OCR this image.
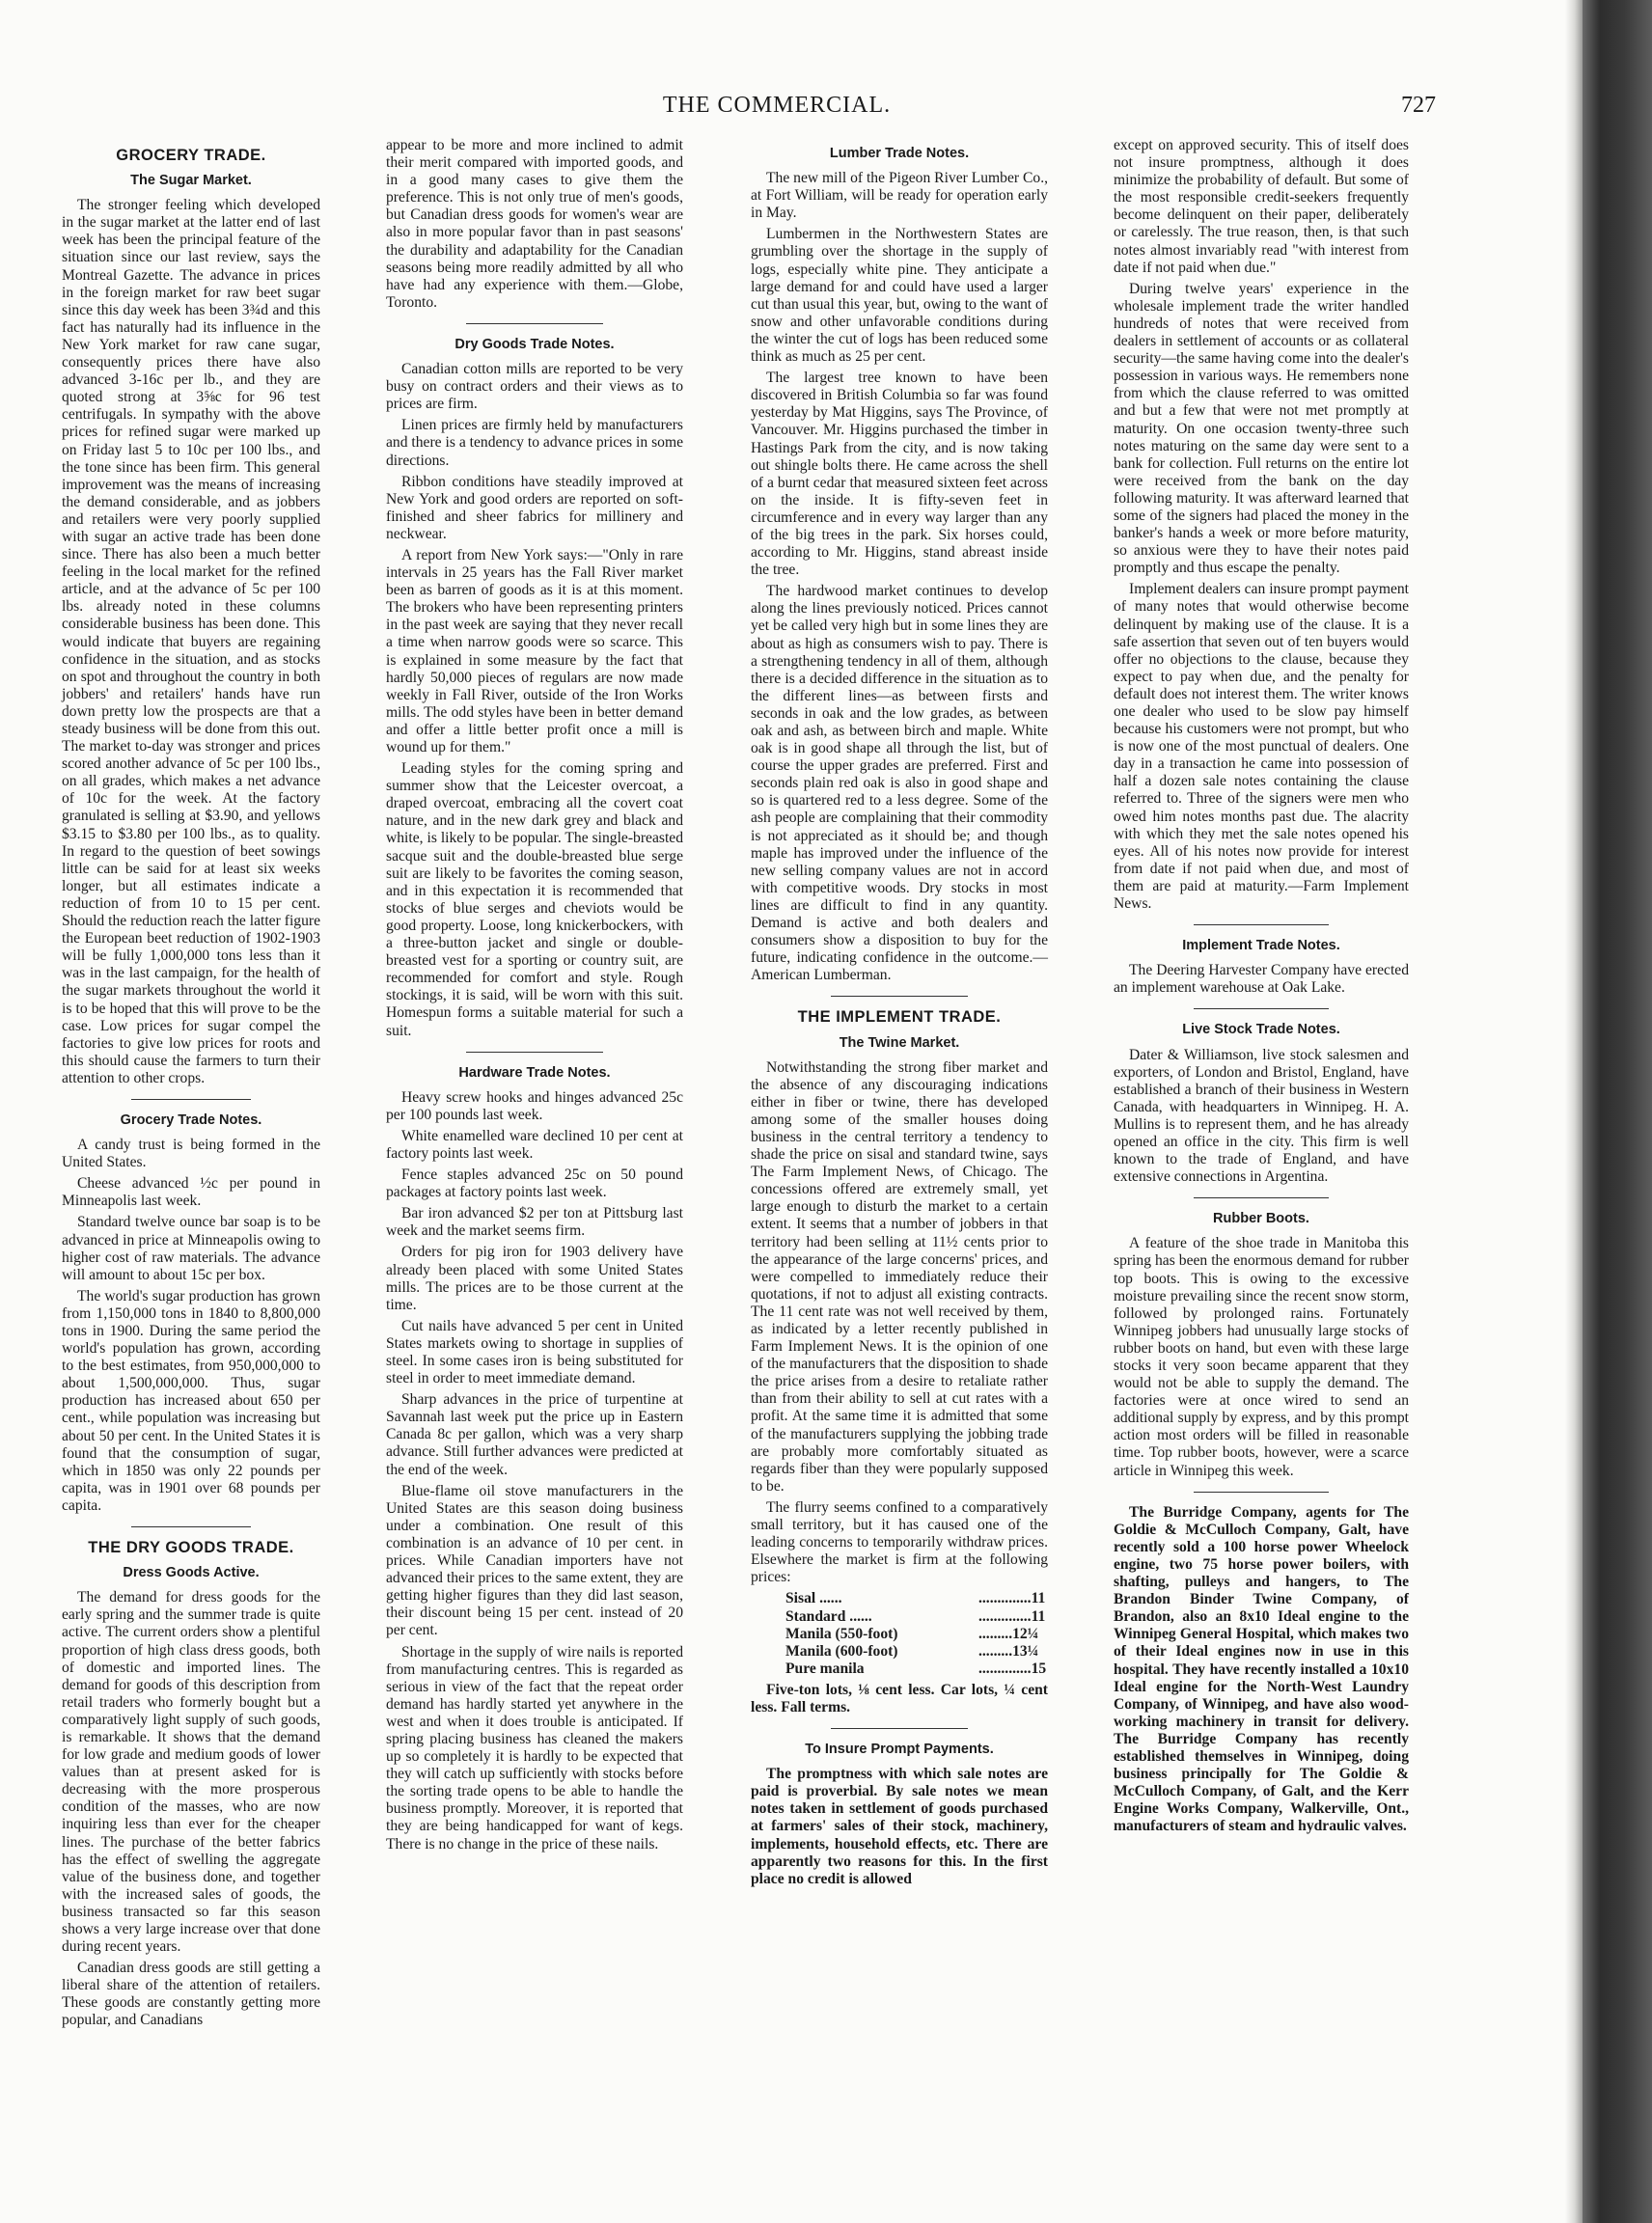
THE COMMERCIAL.	727
GROCERY TRADE.
The Sugar Market.

The stronger feeling which developed in the sugar market at the latter end of last week has been the principal feature of the situation since our last review, says the Montreal Gazette. The advance in prices in the foreign market for raw beet sugar since this day week has been 3¾d and this fact has naturally had its influence in the New York market for raw cane sugar, consequently prices there have also advanced 3-16c per lb., and they are quoted strong at 3⅝c for 96 test centrifugals. In sympathy with the above prices for refined sugar were marked up on Friday last 5 to 10c per 100 lbs., and the tone since has been firm. This general improvement was the means of increasing the demand considerable, and as jobbers and retailers were very poorly supplied with sugar an active trade has been done since. There has also been a much better feeling in the local market for the refined article, and at the advance of 5c per 100 lbs. already noted in these columns considerable business has been done. This would indicate that buyers are regaining confidence in the situation, and as stocks on spot and throughout the country in both jobbers' and retailers' hands have run down pretty low the prospects are that a steady business will be done from this out. The market to-day was stronger and prices scored another advance of 5c per 100 lbs., on all grades, which makes a net advance of 10c for the week. At the factory granulated is selling at $3.90, and yellows $3.15 to $3.80 per 100 lbs., as to quality. In regard to the question of beet sowings little can be said for at least six weeks longer, but all estimates indicate a reduction of from 10 to 15 per cent. Should the reduction reach the latter figure the European beet reduction of 1902-1903 will be fully 1,000,000 tons less than it was in the last campaign, for the health of the sugar markets throughout the world it is to be hoped that this will prove to be the case. Low prices for sugar compel the factories to give low prices for roots and this should cause the farmers to turn their attention to other crops.

Grocery Trade Notes.

A candy trust is being formed in the United States.

Cheese advanced ½c per pound in Minneapolis last week.

Standard twelve ounce bar soap is to be advanced in price at Minneapolis owing to higher cost of raw materials. The advance will amount to about 15c per box.

The world's sugar production has grown from 1,150,000 tons in 1840 to 8,800,000 tons in 1900. During the same period the world's population has grown, according to the best estimates, from 950,000,000 to about 1,500,000,000. Thus, sugar production has increased about 650 per cent., while population was increasing but about 50 per cent. In the United States it is found that the consumption of sugar, which in 1850 was only 22 pounds per capita, was in 1901 over 68 pounds per capita.

THE DRY GOODS TRADE.
Dress Goods Active.

The demand for dress goods for the early spring and the summer trade is quite active. The current orders show a plentiful proportion of high class dress goods, both of domestic and imported lines. The demand for goods of this description from retail traders who formerly bought but a comparatively light supply of such goods, is remarkable. It shows that the demand for low grade and medium goods of lower values than at present asked for is decreasing with the more prosperous condition of the masses, who are now inquiring less than ever for the cheaper lines. The purchase of the better fabrics has the effect of swelling the aggregate value of the business done, and together with the increased sales of goods, the business transacted so far this season shows a very large increase over that done during recent years.

Canadian dress goods are still getting a liberal share of the attention of retailers. These goods are constantly getting more popular, and Canadians

appear to be more and more inclined to admit their merit compared with imported goods, and in a good many cases to give them the preference. This is not only true of men's goods, but Canadian dress goods for women's wear are also in more popular favor than in past seasons' the durability and adaptability for the Canadian seasons being more readily admitted by all who have had any experience with them.—Globe, Toronto.

Dry Goods Trade Notes.

Canadian cotton mills are reported to be very busy on contract orders and their views as to prices are firm.

Linen prices are firmly held by manufacturers and there is a tendency to advance prices in some directions.

Ribbon conditions have steadily improved at New York and good orders are reported on soft-finished and sheer fabrics for millinery and neckwear.

A report from New York says:—"Only in rare intervals in 25 years has the Fall River market been as barren of goods as it is at this moment. The brokers who have been representing printers in the past week are saying that they never recall a time when narrow goods were so scarce. This is explained in some measure by the fact that hardly 50,000 pieces of regulars are now made weekly in Fall River, outside of the Iron Works mills. The odd styles have been in better demand and offer a little better profit once a mill is wound up for them."

Leading styles for the coming spring and summer show that the Leicester overcoat, a draped overcoat, embracing all the covert coat nature, and in the new dark grey and black and white, is likely to be popular. The single-breasted sacque suit and the double-breasted blue serge suit are likely to be favorites the coming season, and in this expectation it is recommended that stocks of blue serges and cheviots would be good property. Loose, long knickerbockers, with a three-button jacket and single or double-breasted vest for a sporting or country suit, are recommended for comfort and style. Rough stockings, it is said, will be worn with this suit. Homespun forms a suitable material for such a suit.

Hardware Trade Notes.

Heavy screw hooks and hinges advanced 25c per 100 pounds last week.

White enamelled ware declined 10 per cent at factory points last week.

Fence staples advanced 25c on 50 pound packages at factory points last week.

Bar iron advanced $2 per ton at Pittsburg last week and the market seems firm.

Orders for pig iron for 1903 delivery have already been placed with some United States mills. The prices are to be those current at the time.

Cut nails have advanced 5 per cent in United States markets owing to shortage in supplies of steel. In some cases iron is being substituted for steel in order to meet immediate demand.

Sharp advances in the price of turpentine at Savannah last week put the price up in Eastern Canada 8c per gallon, which was a very sharp advance. Still further advances were predicted at the end of the week.

Blue-flame oil stove manufacturers in the United States are this season doing business under a combination. One result of this combination is an advance of 10 per cent. in prices. While Canadian importers have not advanced their prices to the same extent, they are getting higher figures than they did last season, their discount being 15 per cent. instead of 20 per cent.

Shortage in the supply of wire nails is reported from manufacturing centres. This is regarded as serious in view of the fact that the repeat order demand has hardly started yet anywhere in the west and when it does trouble is anticipated. If spring placing business has cleaned the makers up so completely it is hardly to be expected that they will catch up sufficiently with stocks before the sorting trade opens to be able to handle the business promptly. Moreover, it is reported that they are being handicapped for want of kegs. There is no change in the price of these nails.

Lumber Trade Notes.

The new mill of the Pigeon River Lumber Co., at Fort William, will be ready for operation early in May.

Lumbermen in the Northwestern States are grumbling over the shortage in the supply of logs, especially white pine. They anticipate a large demand for and could have used a larger cut than usual this year, but, owing to the want of snow and other unfavorable conditions during the winter the cut of logs has been reduced some think as much as 25 per cent.

The largest tree known to have been discovered in British Columbia so far was found yesterday by Mat Higgins, says The Province, of Vancouver. Mr. Higgins purchased the timber in Hastings Park from the city, and is now taking out shingle bolts there. He came across the shell of a burnt cedar that measured sixteen feet across on the inside. It is fifty-seven feet in circumference and in every way larger than any of the big trees in the park. Six horses could, according to Mr. Higgins, stand abreast inside the tree.

The hardwood market continues to develop along the lines previously noticed. Prices cannot yet be called very high but in some lines they are about as high as consumers wish to pay. There is a strengthening tendency in all of them, although there is a decided difference in the situation as to the different lines—as between firsts and seconds in oak and the low grades, as between oak and ash, as between birch and maple. White oak is in good shape all through the list, but of course the upper grades are preferred. First and seconds plain red oak is also in good shape and so is quartered red to a less degree. Some of the ash people are complaining that their commodity is not appreciated as it should be; and though maple has improved under the influence of the new selling company values are not in accord with competitive woods. Dry stocks in most lines are difficult to find in any quantity. Demand is active and both dealers and consumers show a disposition to buy for the future, indicating confidence in the outcome.—American Lumberman.

THE IMPLEMENT TRADE.
The Twine Market.

Notwithstanding the strong fiber market and the absence of any discouraging indications either in fiber or twine, there has developed among some of the smaller houses doing business in the central territory a tendency to shade the price on sisal and standard twine, says The Farm Implement News, of Chicago. The concessions offered are extremely small, yet large enough to disturb the market to a certain extent. It seems that a number of jobbers in that territory had been selling at 11½ cents prior to the appearance of the large concerns' prices, and were compelled to immediately reduce their quotations, if not to adjust all existing contracts. The 11 cent rate was not well received by them, as indicated by a letter recently published in Farm Implement News. It is the opinion of one of the manufacturers that the disposition to shade the price arises from a desire to retaliate rather than from their ability to sell at cut rates with a profit. At the same time it is admitted that some of the manufacturers supplying the jobbing trade are probably more comfortably situated as regards fiber than they were popularly supposed to be.

The flurry seems confined to a comparatively small territory, but it has caused one of the leading concerns to temporarily withdraw prices. Elsewhere the market is firm at the following prices:

Sisal ......	..............11
Standard ......	..............11
Manila (550-foot)	.........12¼
Manila (600-foot)	.........13¼
Pure manila	..............15

Five-ton lots, ⅛ cent less. Car lots, ¼ cent less. Fall terms.

To Insure Prompt Payments.

The promptness with which sale notes are paid is proverbial. By sale notes we mean notes taken in settlement of goods purchased at farmers' sales of their stock, machinery, implements, household effects, etc. There are apparently two reasons for this. In the first place no credit is allowed

except on approved security. This of itself does not insure promptness, although it does minimize the probability of default. But some of the most responsible credit-seekers frequently become delinquent on their paper, deliberately or carelessly. The true reason, then, is that such notes almost invariably read "with interest from date if not paid when due."

During twelve years' experience in the wholesale implement trade the writer handled hundreds of notes that were received from dealers in settlement of accounts or as collateral security—the same having come into the dealer's possession in various ways. He remembers none from which the clause referred to was omitted and but a few that were not met promptly at maturity. On one occasion twenty-three such notes maturing on the same day were sent to a bank for collection. Full returns on the entire lot were received from the bank on the day following maturity. It was afterward learned that some of the signers had placed the money in the banker's hands a week or more before maturity, so anxious were they to have their notes paid promptly and thus escape the penalty.

Implement dealers can insure prompt payment of many notes that would otherwise become delinquent by making use of the clause. It is a safe assertion that seven out of ten buyers would offer no objections to the clause, because they expect to pay when due, and the penalty for default does not interest them. The writer knows one dealer who used to be slow pay himself because his customers were not prompt, but who is now one of the most punctual of dealers. One day in a transaction he came into possession of half a dozen sale notes containing the clause referred to. Three of the signers were men who owed him notes months past due. The alacrity with which they met the sale notes opened his eyes. All of his notes now provide for interest from date if not paid when due, and most of them are paid at maturity.—Farm Implement News.

Implement Trade Notes.

The Deering Harvester Company have erected an implement warehouse at Oak Lake.

Live Stock Trade Notes.

Dater & Williamson, live stock salesmen and exporters, of London and Bristol, England, have established a branch of their business in Western Canada, with headquarters in Winnipeg. H. A. Mullins is to represent them, and he has already opened an office in the city. This firm is well known to the trade of England, and have extensive connections in Argentina.

Rubber Boots.

A feature of the shoe trade in Manitoba this spring has been the enormous demand for rubber top boots. This is owing to the excessive moisture prevailing since the recent snow storm, followed by prolonged rains. Fortunately Winnipeg jobbers had unusually large stocks of rubber boots on hand, but even with these large stocks it very soon became apparent that they would not be able to supply the demand. The factories were at once wired to send an additional supply by express, and by this prompt action most orders will be filled in reasonable time. Top rubber boots, however, were a scarce article in Winnipeg this week.

The Burridge Company, agents for The Goldie & McCulloch Company, Galt, have recently sold a 100 horse power Wheelock engine, two 75 horse power boilers, with shafting, pulleys and hangers, to The Brandon Binder Twine Company, of Brandon, also an 8x10 Ideal engine to the Winnipeg General Hospital, which makes two of their Ideal engines now in use in this hospital. They have recently installed a 10x10 Ideal engine for the North-West Laundry Company, of Winnipeg, and have also wood-working machinery in transit for delivery. The Burridge Company has recently established themselves in Winnipeg, doing business principally for The Goldie & McCulloch Company, of Galt, and the Kerr Engine Works Company, Walkerville, Ont., manufacturers of steam and hydraulic valves.
